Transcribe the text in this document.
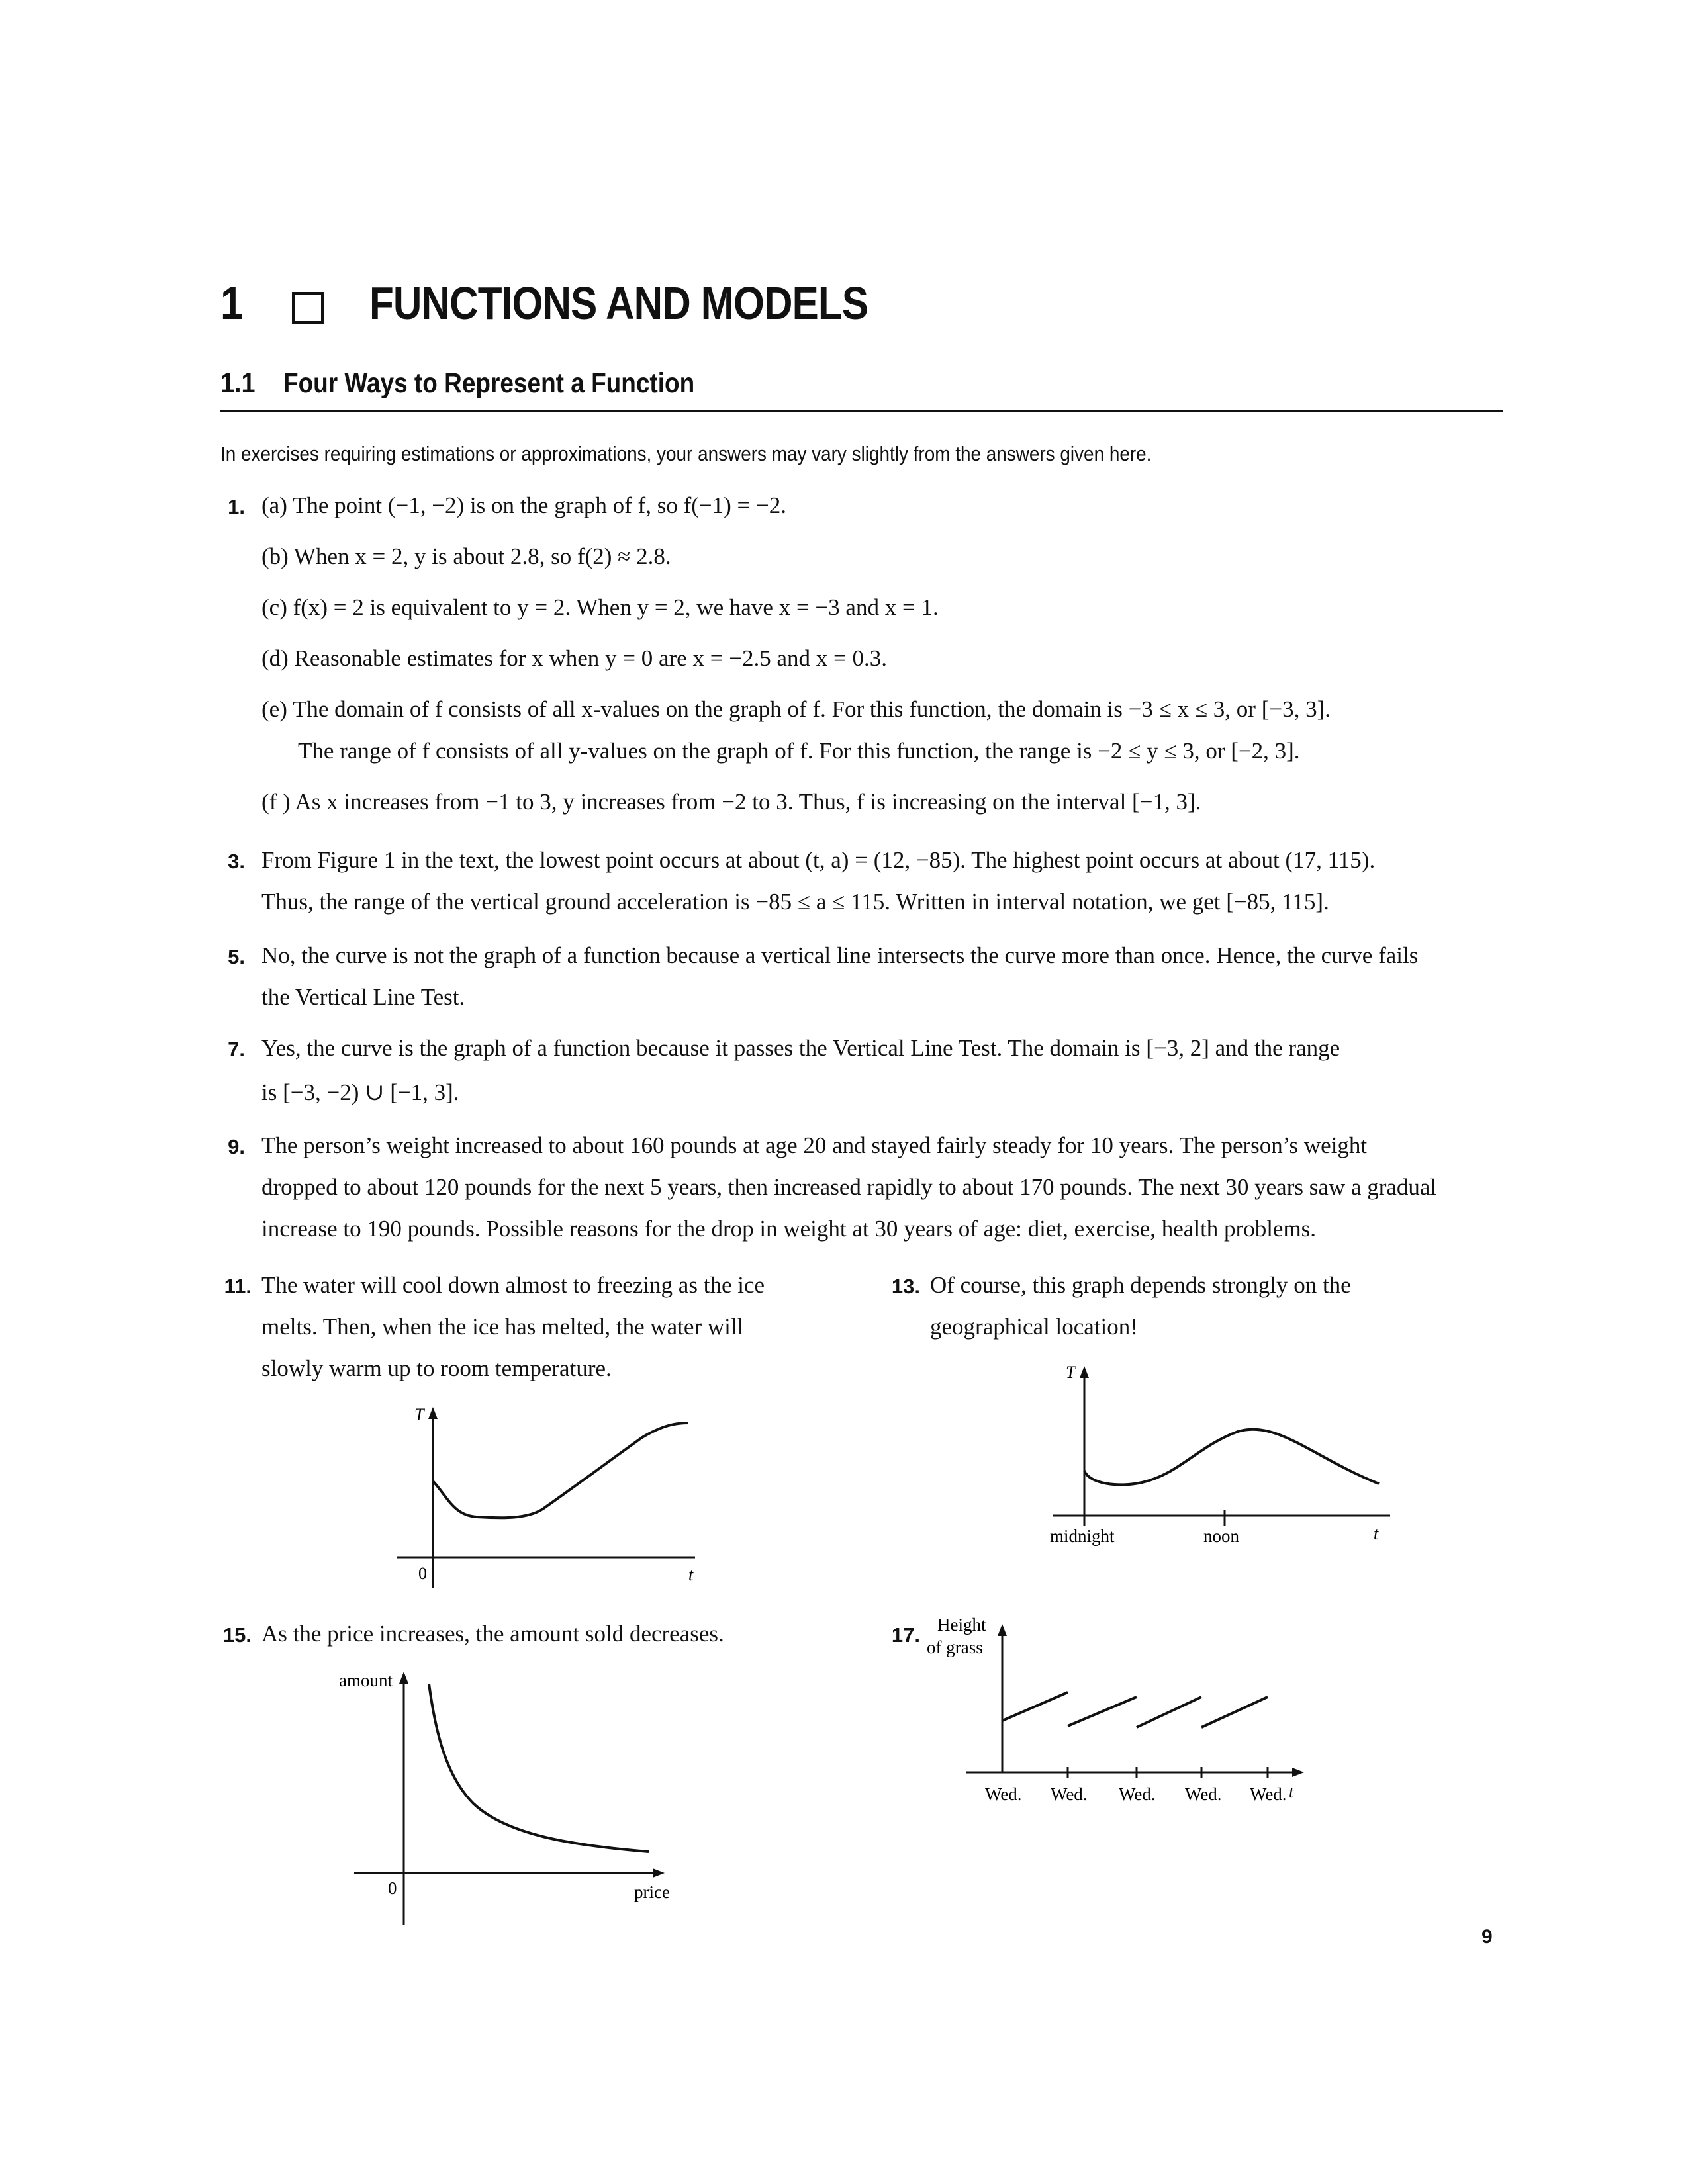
1	FUNCTIONS AND MODELS
1.1 Four Ways to Represent a Function
In exercises requiring estimations or approximations, your answers may vary slightly from the answers given here.
1. (a) The point (−1, −2) is on the graph of f, so f(−1) = −2.
(b) When x = 2, y is about 2.8, so f(2) ≈ 2.8.
(c) f(x) = 2 is equivalent to y = 2. When y = 2, we have x = −3 and x = 1.
(d) Reasonable estimates for x when y = 0 are x = −2.5 and x = 0.3.
(e) The domain of f consists of all x-values on the graph of f. For this function, the domain is −3 ≤ x ≤ 3, or [−3, 3].
The range of f consists of all y-values on the graph of f. For this function, the range is −2 ≤ y ≤ 3, or [−2, 3].
(f ) As x increases from −1 to 3, y increases from −2 to 3. Thus, f is increasing on the interval [−1, 3].
3. From Figure 1 in the text, the lowest point occurs at about (t, a) = (12, −85). The highest point occurs at about (17, 115).
Thus, the range of the vertical ground acceleration is −85 ≤ a ≤ 115. Written in interval notation, we get [−85, 115].
5. No, the curve is not the graph of a function because a vertical line intersects the curve more than once. Hence, the curve fails
the Vertical Line Test.
7. Yes, the curve is the graph of a function because it passes the Vertical Line Test. The domain is [−3, 2] and the range
is [−3, −2) ∪ [−1, 3].
9. The person’s weight increased to about 160 pounds at age 20 and stayed fairly steady for 10 years. The person’s weight
dropped to about 120 pounds for the next 5 years, then increased rapidly to about 170 pounds. The next 30 years saw a gradual
increase to 190 pounds. Possible reasons for the drop in weight at 30 years of age: diet, exercise, health problems.
11. The water will cool down almost to freezing as the ice
melts. Then, when the ice has melted, the water will
slowly warm up to room temperature.
T
t
0
13. Of course, this graph depends strongly on the
geographical location!
T
t
midnight	noon
15. As the price increases, the amount sold decreases.
amount
price
0
17. Height
of grass
Wed. Wed. Wed. Wed. Wed. t
9
